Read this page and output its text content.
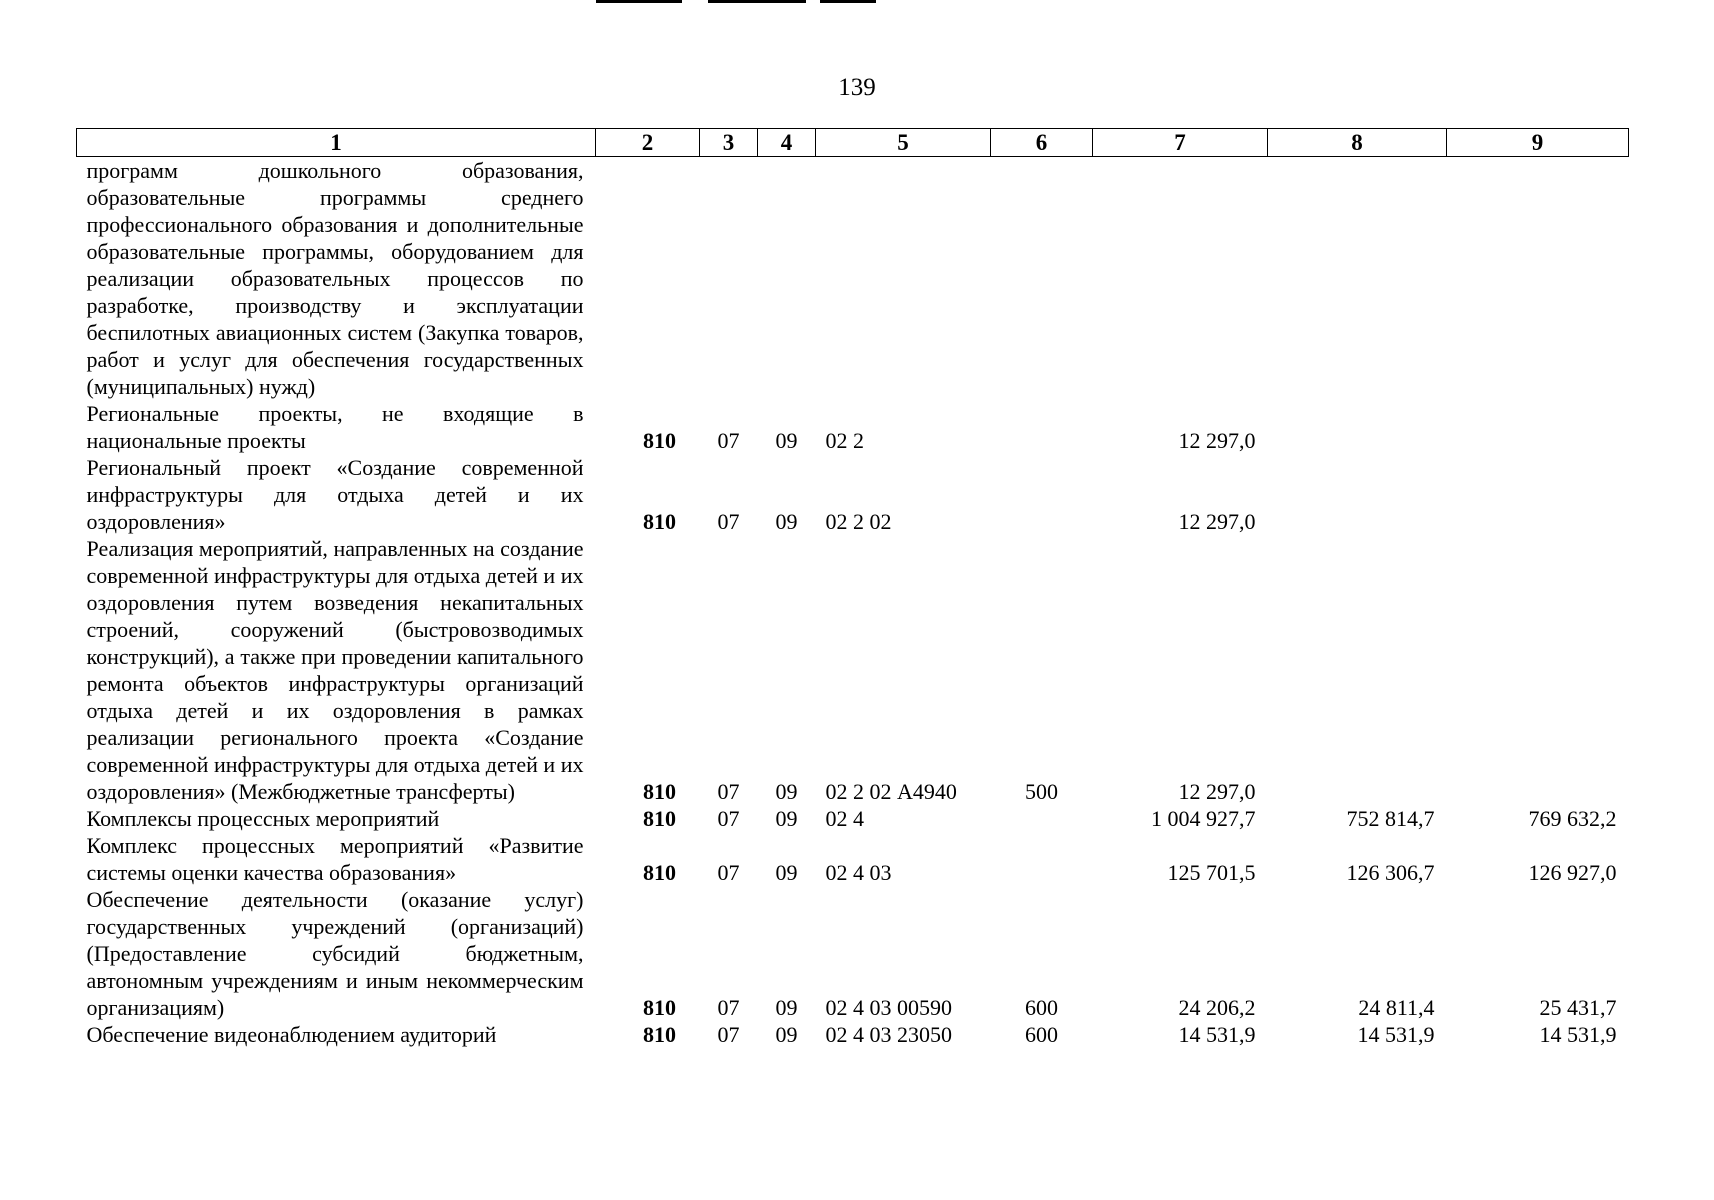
139
1	2	3	4	5	6	7	8	9
программ дошкольного образования, образовательные программы среднего профессионального образования и дополнительные образовательные программы, оборудованием для реализации образовательных процессов по разработке, производству и эксплуатации беспилотных авиационных систем (Закупка товаров, работ и услуг для обеспечения государственных (муниципальных) нужд)								
Региональные проекты, не входящие в национальные проекты	810	07	09	02 2		12 297,0		
Региональный проект «Создание современной инфраструктуры для отдыха детей и их оздоровления»	810	07	09	02 2 02		12 297,0		
Реализация мероприятий, направленных на создание современной инфраструктуры для отдыха детей и их оздоровления путем возведения некапитальных строений, сооружений (быстровозводимых конструкций), а также при проведении капитального ремонта объектов инфраструктуры организаций отдыха детей и их оздоровления в рамках реализации регионального проекта «Создание современной инфраструктуры для отдыха детей и их оздоровления» (Межбюджетные трансферты)	810	07	09	02 2 02 А4940	500	12 297,0		
Комплексы процессных мероприятий	810	07	09	02 4		1 004 927,7	752 814,7	769 632,2
Комплекс процессных мероприятий «Развитие системы оценки качества образования»	810	07	09	02 4 03		125 701,5	126 306,7	126 927,0
Обеспечение деятельности (оказание услуг) государственных учреждений (организаций) (Предоставление субсидий бюджетным, автономным учреждениям и иным некоммерческим организациям)	810	07	09	02 4 03 00590	600	24 206,2	24 811,4	25 431,7
Обеспечение видеонаблюдением аудиторий	810	07	09	02 4 03 23050	600	14 531,9	14 531,9	14 531,9
